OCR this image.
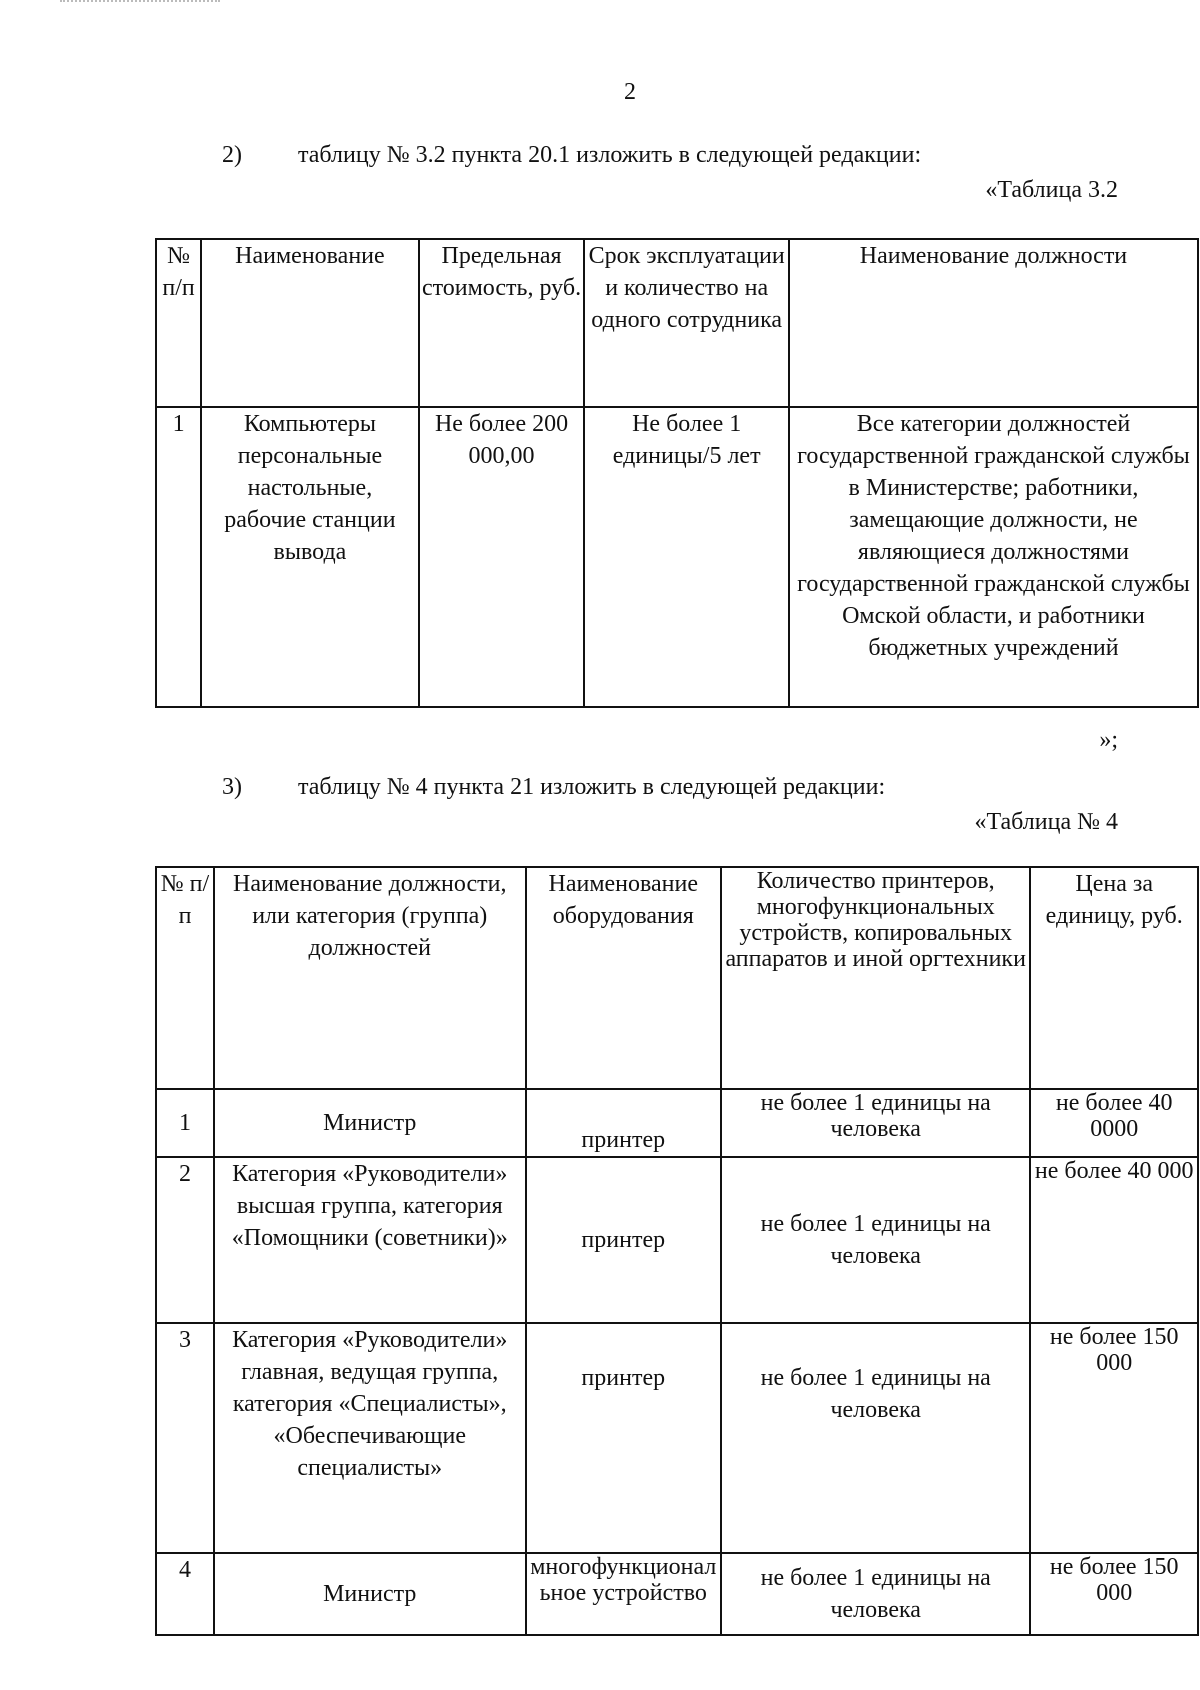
2
2) таблицу № 3.2 пункта 20.1 изложить в следующей редакции:
«Таблица 3.2
№ п/п	Наименование	Предельная стоимость, руб.	Срок эксплуатации и количество на одного сотрудника	Наименование должности
1	Компьютеры персональные настольные, рабочие станции вывода	Не более 200 000,00	Не более 1 единицы/5 лет	Все категории должностей государственной гражданской службы в Министерстве; работники, замещающие должности, не являющиеся должностями государственной гражданской службы Омской области, и работники бюджетных учреждений
»;
3) таблицу № 4 пункта 21 изложить в следующей редакции:
«Таблица № 4
№ п/п	Наименование должности, или категория (группа) должностей	Наименование оборудования	Количество принтеров, многофункциональных устройств, копировальных аппаратов и иной оргтехники	Цена за единицу, руб.
1	Министр	принтер	не более 1 единицы на человека	не более 40 0000
2	Категория «Руководители» высшая группа, категория «Помощники (советники)»	принтер	не более 1 единицы на человека	не более 40 000
3	Категория «Руководители» главная, ведущая группа, категория «Специалисты», «Обеспечивающие специалисты»	принтер	не более 1 единицы на человека	не более 150 000
4	Министр	многофункциональное устройство	не более 1 единицы на человека	не более 150 000
